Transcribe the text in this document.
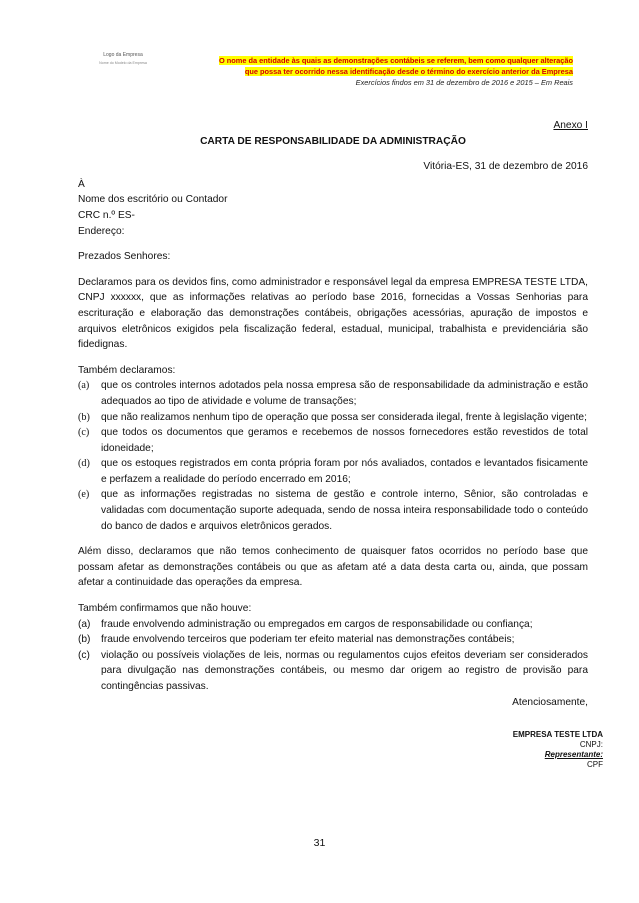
Logo da Empresa
Nome do Modelo da Empresa	O nome da entidade às quais as demonstrações contábeis se referem, bem como qualquer alteração
que possa ter ocorrido nessa identificação desde o término do exercício anterior da Empresa
Exercícios findos em 31 de dezembro de 2016 e 2015 – Em Reais
Anexo I
CARTA DE RESPONSABILIDADE DA ADMINISTRAÇÃO
Vitória-ES, 31 de dezembro de 2016
À
Nome dos escritório ou Contador
CRC n.º ES-
Endereço:
Prezados Senhores:
Declaramos para os devidos fins, como administrador e responsável legal da empresa EMPRESA TESTE LTDA, CNPJ xxxxxx, que as informações relativas ao período base 2016, fornecidas a Vossas Senhorias para escrituração e elaboração das demonstrações contábeis, obrigações acessórias, apuração de impostos e arquivos eletrônicos exigidos pela fiscalização federal, estadual, municipal, trabalhista e previdenciária são fidedignas.
Também declaramos:
(a) que os controles internos adotados pela nossa empresa são de responsabilidade da administração e estão adequados ao tipo de atividade e volume de transações;
(b) que não realizamos nenhum tipo de operação que possa ser considerada ilegal, frente à legislação vigente;
(c) que todos os documentos que geramos e recebemos de nossos fornecedores estão revestidos de total idoneidade;
(d) que os estoques registrados em conta própria foram por nós avaliados, contados e levantados fisicamente e perfazem a realidade do período encerrado em 2016;
(e) que as informações registradas no sistema de gestão e controle interno, Sênior, são controladas e validadas com documentação suporte adequada, sendo de nossa inteira responsabilidade todo o conteúdo do banco de dados e arquivos eletrônicos gerados.
Além disso, declaramos que não temos conhecimento de quaisquer fatos ocorridos no período base que possam afetar as demonstrações contábeis ou que as afetam até a data desta carta ou, ainda, que possam afetar a continuidade das operações da empresa.
Também confirmamos que não houve:
(a) fraude envolvendo administração ou empregados em cargos de responsabilidade ou confiança;
(b) fraude envolvendo terceiros que poderiam ter efeito material nas demonstrações contábeis;
(c) violação ou possíveis violações de leis, normas ou regulamentos cujos efeitos deveriam ser considerados para divulgação nas demonstrações contábeis, ou mesmo dar origem ao registro de provisão para contingências passivas.
Atenciosamente,
EMPRESA TESTE LTDA
CNPJ:
Representante:
CPF
31
